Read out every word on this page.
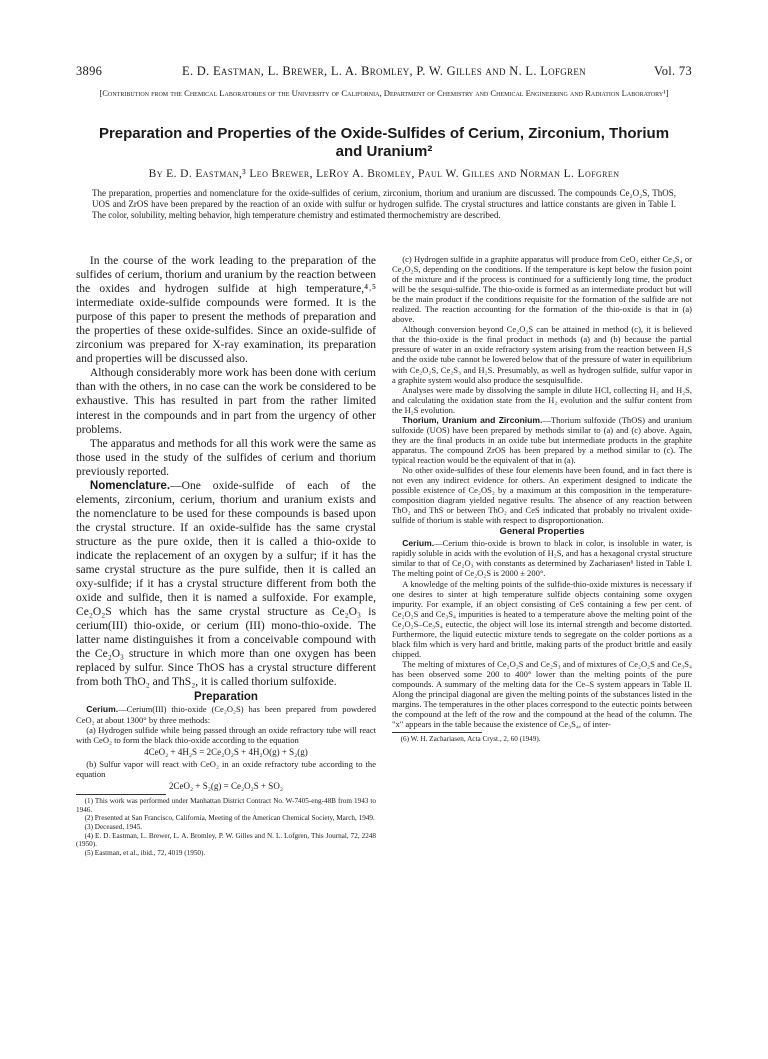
3896	E. D. Eastman, L. Brewer, L. A. Bromley, P. W. Gilles and N. L. Lofgren	Vol. 73
[Contribution from the Chemical Laboratories of the University of California, Department of Chemistry and Chemical Engineering and Radiation Laboratory¹]
Preparation and Properties of the Oxide-Sulfides of Cerium, Zirconium, Thorium and Uranium²
By E. D. Eastman,³ Leo Brewer, LeRoy A. Bromley, Paul W. Gilles and Norman L. Lofgren
The preparation, properties and nomenclature for the oxide-sulfides of cerium, zirconium, thorium and uranium are discussed. The compounds Ce₂O₂S, ThOS, UOS and ZrOS have been prepared by the reaction of an oxide with sulfur or hydrogen sulfide. The crystal structures and lattice constants are given in Table I. The color, solubility, melting behavior, high temperature chemistry and estimated thermochemistry are described.

In the course of the work leading to the preparation of the sulfides of cerium, thorium and uranium by the reaction between the oxides and hydrogen sulfide at high temperature,⁴˒⁵ intermediate oxide-sulfide compounds were formed. It is the purpose of this paper to present the methods of preparation and the properties of these oxide-sulfides. Since an oxide-sulfide of zirconium was prepared for X-ray examination, its preparation and properties will be discussed also.

Although considerably more work has been done with cerium than with the others, in no case can the work be considered to be exhaustive. This has resulted in part from the rather limited interest in the compounds and in part from the urgency of other problems.

The apparatus and methods for all this work were the same as those used in the study of the sulfides of cerium and thorium previously reported.

Nomenclature.—One oxide-sulfide of each of the elements, zirconium, cerium, thorium and uranium exists and the nomenclature to be used for these compounds is based upon the crystal structure. If an oxide-sulfide has the same crystal structure as the pure oxide, then it is called a thio-oxide to indicate the replacement of an oxygen by a sulfur; if it has the same crystal structure as the pure sulfide, then it is called an oxy-sulfide; if it has a crystal structure different from both the oxide and sulfide, then it is named a sulfoxide. For example, Ce₂O₂S which has the same crystal structure as Ce₂O₃ is cerium(III) thio-oxide, or cerium (III) mono-thio-oxide. The latter name distinguishes it from a conceivable compound with the Ce₂O₃ structure in which more than one oxygen has been replaced by sulfur. Since ThOS has a crystal structure different from both ThO₂ and ThS₂, it is called thorium sulfoxide.

Preparation

Cerium.—Cerium(III) thio-oxide (Ce₂O₂S) has been prepared from powdered CeO₂ at about 1300° by three methods:

(a) Hydrogen sulfide while being passed through an oxide refractory tube will react with CeO₂ to form the black thio-oxide according to the equation

4CeO₂ + 4H₂S = 2Ce₂O₂S + 4H₂O(g) + S₂(g)

(b) Sulfur vapor will react with CeO₂ in an oxide refractory tube according to the equation

2CeO₂ + S₂(g) = Ce₂O₂S + SO₂
(1) This work was performed under Manhattan District Contract No. W-7405-eng-48B from 1943 to 1946.
(2) Presented at San Francisco, California, Meeting of the American Chemical Society, March, 1949.
(3) Deceased, 1945.
(4) E. D. Eastman, L. Brewer, L. A. Bromley, P. W. Gilles and N. L. Lofgren, This Journal, 72, 2248 (1950).
(5) Eastman, et al., ibid., 72, 4019 (1950).

(c) Hydrogen sulfide in a graphite apparatus will produce from CeO₂ either Ce₃S₄ or Ce₂O₂S, depending on the conditions. If the temperature is kept below the fusion point of the mixture and if the process is continued for a sufficiently long time, the product will be the sesqui-sulfide. The thio-oxide is formed as an intermediate product but will be the main product if the conditions requisite for the formation of the sulfide are not realized. The reaction accounting for the formation of the thio-oxide is that in (a) above.

Although conversion beyond Ce₂O₂S can be attained in method (c), it is believed that the thio-oxide is the final product in methods (a) and (b) because the partial pressure of water in an oxide refractory system arising from the reaction between H₂S and the oxide tube cannot be lowered below that of the pressure of water in equilibrium with Ce₂O₂S, Ce₂S₃ and H₂S. Presumably, as well as hydrogen sulfide, sulfur vapor in a graphite system would also produce the sesquisulfide.

Analyses were made by dissolving the sample in dilute HCl, collecting H₂ and H₂S, and calculating the oxidation state from the H₂ evolution and the sulfur content from the H₂S evolution.

Thorium, Uranium and Zirconium.—Thorium sulfoxide (ThOS) and uranium sulfoxide (UOS) have been prepared by methods similar to (a) and (c) above. Again, they are the final products in an oxide tube but intermediate products in the graphite apparatus. The compound ZrOS has been prepared by a method similar to (c). The typical reaction would be the equivalent of that in (a).

No other oxide-sulfides of these four elements have been found, and in fact there is not even any indirect evidence for others. An experiment designed to indicate the possible existence of Ce₂OS₂ by a maximum at this composition in the temperature-composition diagram yielded negative results. The absence of any reaction between ThO₂ and ThS or between ThO₂ and CeS indicated that probably no trivalent oxide-sulfide of thorium is stable with respect to disproportionation.

General Properties

Cerium.—Cerium thio-oxide is brown to black in color, is insoluble in water, is rapidly soluble in acids with the evolution of H₂S, and has a hexagonal crystal structure similar to that of Ce₂O₃ with constants as determined by Zachariasen⁶ listed in Table I. The melting point of Ce₂O₂S is 2000 ± 200°.

A knowledge of the melting points of the sulfide-thio-oxide mixtures is necessary if one desires to sinter at high temperature sulfide objects containing some oxygen impurity. For example, if an object consisting of CeS containing a few per cent. of Ce₂O₂S and Ce₃S₄ impurities is heated to a temperature above the melting point of the Ce₂O₂S–Ce₃S₄ eutectic, the object will lose its internal strength and become distorted. Furthermore, the liquid eutectic mixture tends to segregate on the colder portions as a black film which is very hard and brittle, making parts of the product brittle and easily chipped.

The melting of mixtures of Ce₂O₂S and Ce₂S₃ and of mixtures of Ce₂O₂S and Ce₃S₄ has been observed some 200 to 400° lower than the melting points of the pure compounds. A summary of the melting data for the Ce–S system appears in Table II. Along the principal diagonal are given the melting points of the substances listed in the margins. The temperatures in the other places correspond to the eutectic points between the compound at the left of the row and the compound at the head of the column. The "x" appears in the table because the existence of Ce₃S₄, of inter-

(6) W. H. Zachariasen, Acta Cryst., 2, 60 (1949).
